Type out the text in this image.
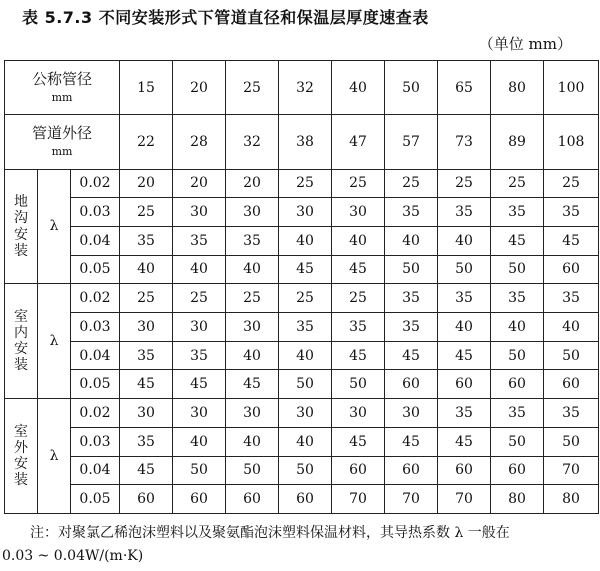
表 5.7.3 不同安装形式下管道直径和保温层厚度速查表
（单位 mm）
公称管径
mm			15	20	25	32	40	50	65	80	100

管道外径
mm			22	28	32	38	47	57	73	89	108

地
沟
安
装	λ	0.02	20	20	20	25	25	25	25	25	25
		0.03	25	30	30	30	30	35	35	35	35
		0.04	35	35	35	40	40	40	40	45	45
		0.05	40	40	40	45	45	50	50	50	60

室
内
安
装	λ	0.02	25	25	25	25	25	35	35	35	35
		0.03	30	30	30	35	35	35	40	40	40
		0.04	35	35	40	40	45	45	45	50	50
		0.05	45	45	45	50	50	60	60	60	60

室
外
安
装	λ	0.02	30	30	30	30	30	30	35	35	35
		0.03	35	40	40	40	45	45	45	50	50
		0.04	45	50	50	50	60	60	60	60	70
		0.05	60	60	60	60	70	70	70	80	80
注：对聚氯乙稀泡沫塑料以及聚氨酯泡沫塑料保温材料，其导热系数 λ 一般在
0.03 ~ 0.04W/(m·K)
